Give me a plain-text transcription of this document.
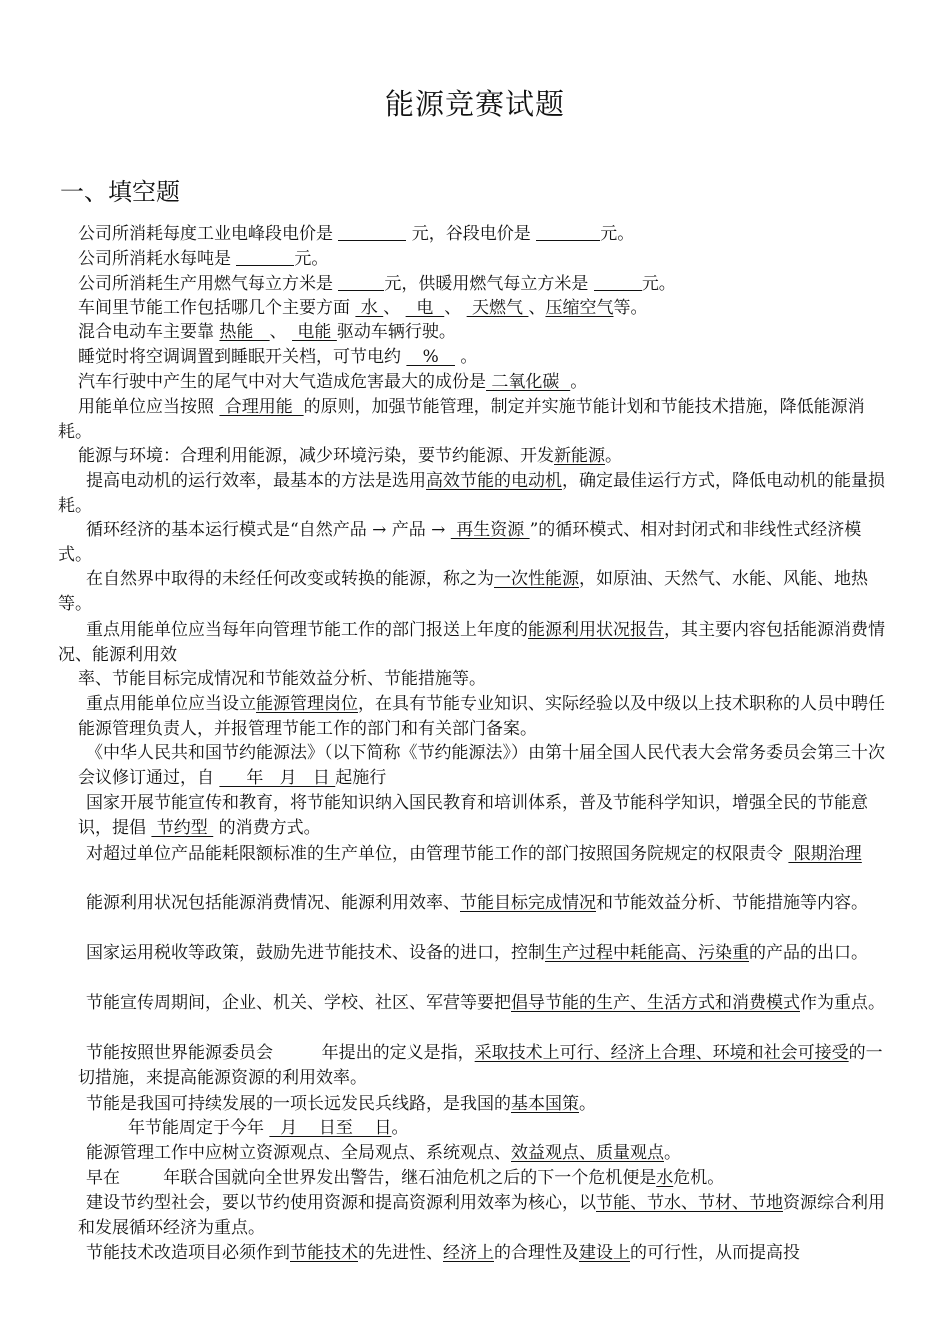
能源竞赛试题
一、填空题
公司所消耗每度工业电峰段电价是	元，谷段电价是	元。
公司所消耗水每吨是	元。
公司所消耗生产用燃气每立方米是	元，供暖用燃气每立方米是	元。
车间里节能工作包括哪几个主要方面  水 、   电  、  天燃气 、压缩空气等。
混合电动车主要靠 热能   、  电能 驱动车辆行驶。
睡觉时将空调调置到睡眠开关档，可节电约    %    。
汽车行驶中产生的尾气中对大气造成危害最大的成份是 二氧化碳  。
用能单位应当按照  合理用能  的原则，加强节能管理，制定并实施节能计划和节能技术措施，降低能源消耗。
能源与环境：合理利用能源，减少环境污染，要节约能源、开发新能源。
提高电动机的运行效率，最基本的方法是选用高效节能的电动机，确定最佳运行方式，降低电动机的能量损耗。
循环经济的基本运行模式是“自然产品 → 产品 →  再生资源 ”的循环模式、相对封闭式和非线性式经济模式。
在自然界中取得的未经任何改变或转换的能源，称之为一次性能源，如原油、天然气、水能、风能、地热等。
重点用能单位应当每年向管理节能工作的部门报送上年度的能源利用状况报告，其主要内容包括能源消费情况、能源利用效
率、节能目标完成情况和节能效益分析、节能措施等。
重点用能单位应当设立能源管理岗位，在具有节能专业知识、实际经验以及中级以上技术职称的人员中聘任能源管理负责人，并报管理节能工作的部门和有关部门备案。
《中华人民共和国节约能源法》（以下简称《节约能源法》）由第十届全国人民代表大会常务委员会第三十次会议修订通过，自      年   月   日 起施行
国家开展节能宣传和教育，将节能知识纳入国民教育和培训体系，普及节能科学知识，增强全民的节能意识，提倡  节约型  的消费方式。
对超过单位产品能耗限额标准的生产单位，由管理节能工作的部门按照国务院规定的权限责令  限期治理
能源利用状况包括能源消费情况、能源利用效率、节能目标完成情况和节能效益分析、节能措施等内容。
国家运用税收等政策，鼓励先进节能技术、设备的进口，控制生产过程中耗能高、污染重的产品的出口。
节能宣传周期间，企业、机关、学校、社区、军营等要把倡导节能的生产、生活方式和消费模式作为重点。
节能按照世界能源委员会         年提出的定义是指，采取技术上可行、经济上合理、环境和社会可接受的一切措施，来提高能源资源的利用效率。
节能是我国可持续发展的一项长远发民兵线路，是我国的基本国策。
年节能周定于今年   月    日至    日。
能源管理工作中应树立资源观点、全局观点、系统观点、效益观点、质量观点。
早在        年联合国就向全世界发出警告，继石油危机之后的下一个危机便是水危机。
建设节约型社会，要以节约使用资源和提高资源利用效率为核心，以节能、节水、节材、节地资源综合利用和发展循环经济为重点。
节能技术改造项目必须作到节能技术的先进性、经济上的合理性及建设上的可行性，从而提高投
